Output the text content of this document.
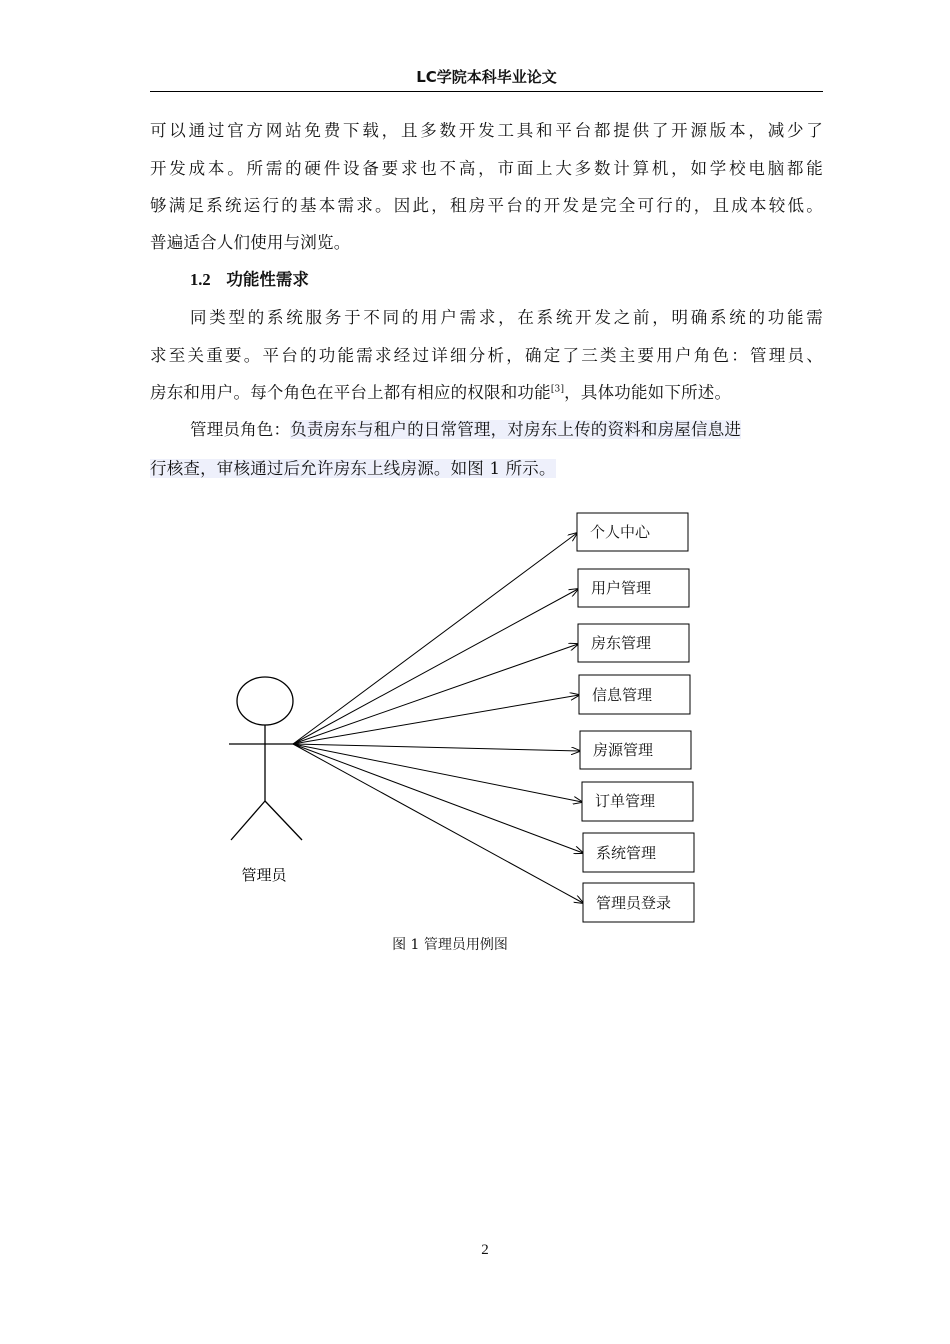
LC学院本科毕业论文
可以通过官方网站免费下载，且多数开发工具和平台都提供了开源版本，减少了
开发成本。所需的硬件设备要求也不高，市面上大多数计算机，如学校电脑都能
够满足系统运行的基本需求。因此，租房平台的开发是完全可行的，且成本较低。
普遍适合人们使用与浏览。
1.2 功能性需求
同类型的系统服务于不同的用户需求，在系统开发之前，明确系统的功能需
求至关重要。平台的功能需求经过详细分析，确定了三类主要用户角色：管理员、
房东和用户。每个角色在平台上都有相应的权限和功能[3]，具体功能如下所述。
管理员角色：负责房东与租户的日常管理，对房东上传的资料和房屋信息进
行核查，审核通过后允许房东上线房源。如图 1 所示。
管理员
个人中心
用户管理
房东管理
信息管理
房源管理
订单管理
系统管理
管理员登录
图 1 管理员用例图
2
